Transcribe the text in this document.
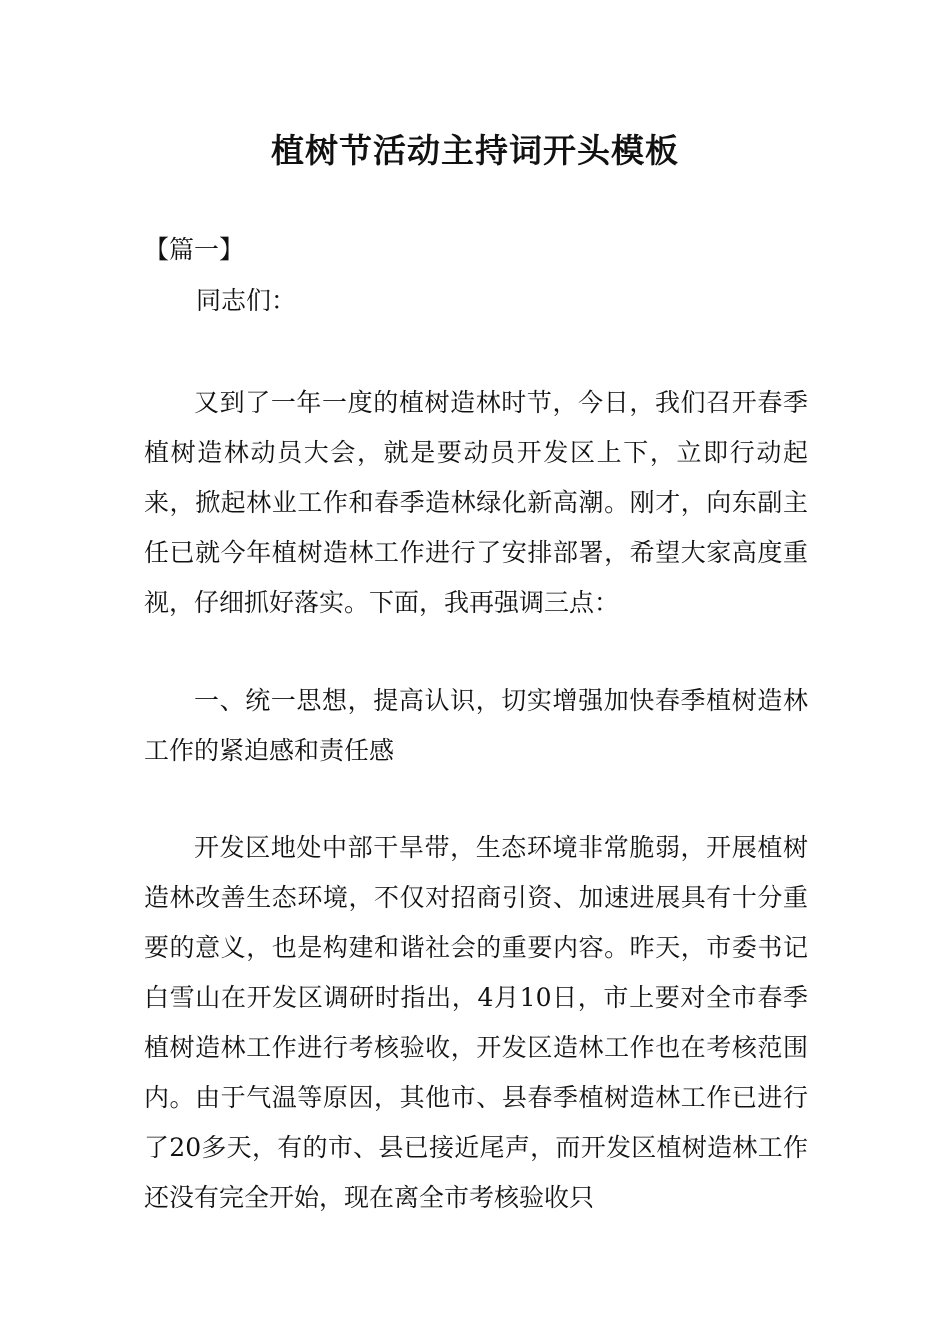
植树节活动主持词开头模板

【篇一】

同志们：

又到了一年一度的植树造林时节，今日，我们召开春季植树造林动员大会，就是要动员开发区上下，立即行动起来，掀起林业工作和春季造林绿化新高潮。刚才，向东副主任已就今年植树造林工作进行了安排部署，希望大家高度重视，仔细抓好落实。下面，我再强调三点：

一、统一思想，提高认识，切实增强加快春季植树造林工作的紧迫感和责任感

开发区地处中部干旱带，生态环境非常脆弱，开展植树造林改善生态环境，不仅对招商引资、加速进展具有十分重要的意义，也是构建和谐社会的重要内容。昨天，市委书记白雪山在开发区调研时指出，4月10日，市上要对全市春季植树造林工作进行考核验收，开发区造林工作也在考核范围内。由于气温等原因，其他市、县春季植树造林工作已进行了20多天，有的市、县已接近尾声，而开发区植树造林工作还没有完全开始，现在离全市考核验收只
